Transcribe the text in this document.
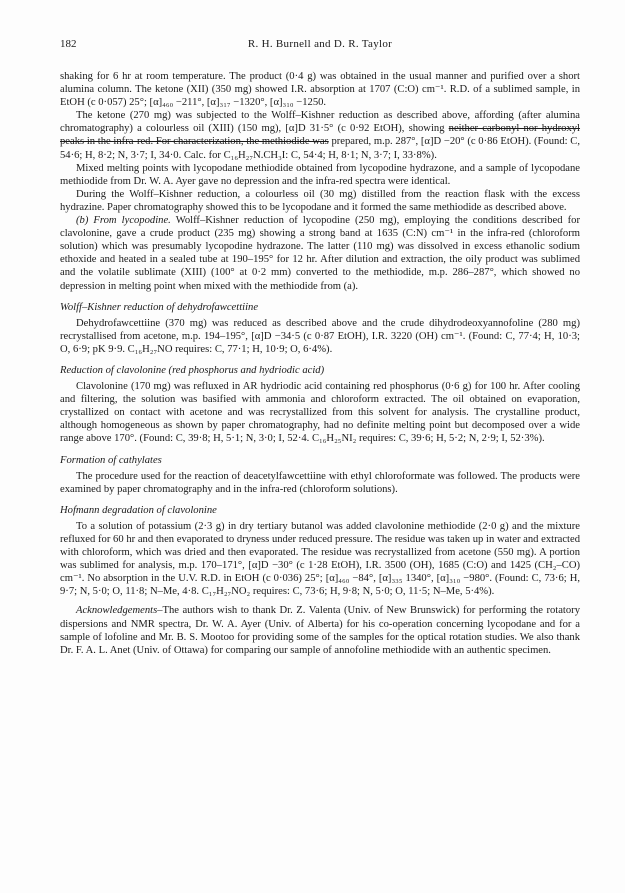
182	R. H. Burnell and D. R. Taylor

shaking for 6 hr at room temperature. The product (0·4 g) was obtained in the usual manner and purified over a short alumina column. The ketone (XII) (350 mg) showed I.R. absorption at 1707 (C:O) cm⁻¹. R.D. of a sublimed sample, in EtOH (c 0·057) 25°; [α]₄₆₀ −211°, [α]₃₁₇ −1320°, [α]₃₁₀ −1250.

The ketone (270 mg) was subjected to the Wolff–Kishner reduction as described above, affording (after alumina chromatography) a colourless oil (XIII) (150 mg), [α]D 31·5° (c 0·92 EtOH), showing neither carbonyl nor hydroxyl peaks in the infra-red. For characterization, the methiodide was prepared, m.p. 287°, [α]D −20° (c 0·86 EtOH). (Found: C, 54·6; H, 8·2; N, 3·7; I, 34·0. Calc. for C₁₆H₂₇N.CH₃I: C, 54·4; H, 8·1; N, 3·7; I, 33·8%).

Mixed melting points with lycopodane methiodide obtained from lycopodine hydrazone, and a sample of lycopodane methiodide from Dr. W. A. Ayer gave no depression and the infra-red spectra were identical.

During the Wolff–Kishner reduction, a colourless oil (30 mg) distilled from the reaction flask with the excess hydrazine. Paper chromatography showed this to be lycopodane and it formed the same methiodide as described above.

(b) From lycopodine. Wolff–Kishner reduction of lycopodine (250 mg), employing the conditions described for clavolonine, gave a crude product (235 mg) showing a strong band at 1635 (C:N) cm⁻¹ in the infra-red (chloroform solution) which was presumably lycopodine hydrazone. The latter (110 mg) was dissolved in excess ethanolic sodium ethoxide and heated in a sealed tube at 190–195° for 12 hr. After dilution and extraction, the oily product was sublimed and the volatile sublimate (XIII) (100° at 0·2 mm) converted to the methiodide, m.p. 286–287°, which showed no depression in melting point when mixed with the methiodide from (a).

Wolff–Kishner reduction of dehydrofawcettiine

Dehydrofawcettiine (370 mg) was reduced as described above and the crude dihydrodeoxyannofoline (280 mg) recrystallised from acetone, m.p. 194–195°, [α]D −34·5 (c 0·87 EtOH), I.R. 3220 (OH) cm⁻¹. (Found: C, 77·4; H, 10·3; O, 6·9; pK 9·9. C₁₆H₂₇NO requires: C, 77·1; H, 10·9; O, 6·4%).

Reduction of clavolonine (red phosphorus and hydriodic acid)

Clavolonine (170 mg) was refluxed in AR hydriodic acid containing red phosphorus (0·6 g) for 100 hr. After cooling and filtering, the solution was basified with ammonia and chloroform extracted. The oil obtained on evaporation, crystallized on contact with acetone and was recrystallized from this solvent for analysis. The crystalline product, although homogeneous as shown by paper chromatography, had no definite melting point but decomposed over a wide range above 170°. (Found: C, 39·8; H, 5·1; N, 3·0; I, 52·4. C₁₆H₂₅NI₂ requires: C, 39·6; H, 5·2; N, 2·9; I, 52·3%).

Formation of cathylates

The procedure used for the reaction of deacetylfawcettiine with ethyl chloroformate was followed. The products were examined by paper chromatography and in the infra-red (chloroform solutions).

Hofmann degradation of clavolonine

To a solution of potassium (2·3 g) in dry tertiary butanol was added clavolonine methiodide (2·0 g) and the mixture refluxed for 60 hr and then evaporated to dryness under reduced pressure. The residue was taken up in water and extracted with chloroform, which was dried and then evaporated. The residue was recrystallized from acetone (550 mg). A portion was sublimed for analysis, m.p. 170–171°, [α]D −30° (c 1·28 EtOH), I.R. 3500 (OH), 1685 (C:O) and 1425 (CH₂–CO) cm⁻¹. No absorption in the U.V. R.D. in EtOH (c 0·036) 25°; [α]₄₆₀ −84°, [α]₃₃₅ 1340°, [α]₃₁₀ −980°. (Found: C, 73·6; H, 9·7; N, 5·0; O, 11·8; N–Me, 4·8. C₁₇H₂₇NO₂ requires: C, 73·6; H, 9·8; N, 5·0; O, 11·5; N–Me, 5·4%).

Acknowledgements–The authors wish to thank Dr. Z. Valenta (Univ. of New Brunswick) for performing the rotatory dispersions and NMR spectra, Dr. W. A. Ayer (Univ. of Alberta) for his co-operation concerning lycopodane and for a sample of lofoline and Mr. B. S. Mootoo for providing some of the samples for the optical rotation studies. We also thank Dr. F. A. L. Anet (Univ. of Ottawa) for comparing our sample of annofoline methiodide with an authentic specimen.
